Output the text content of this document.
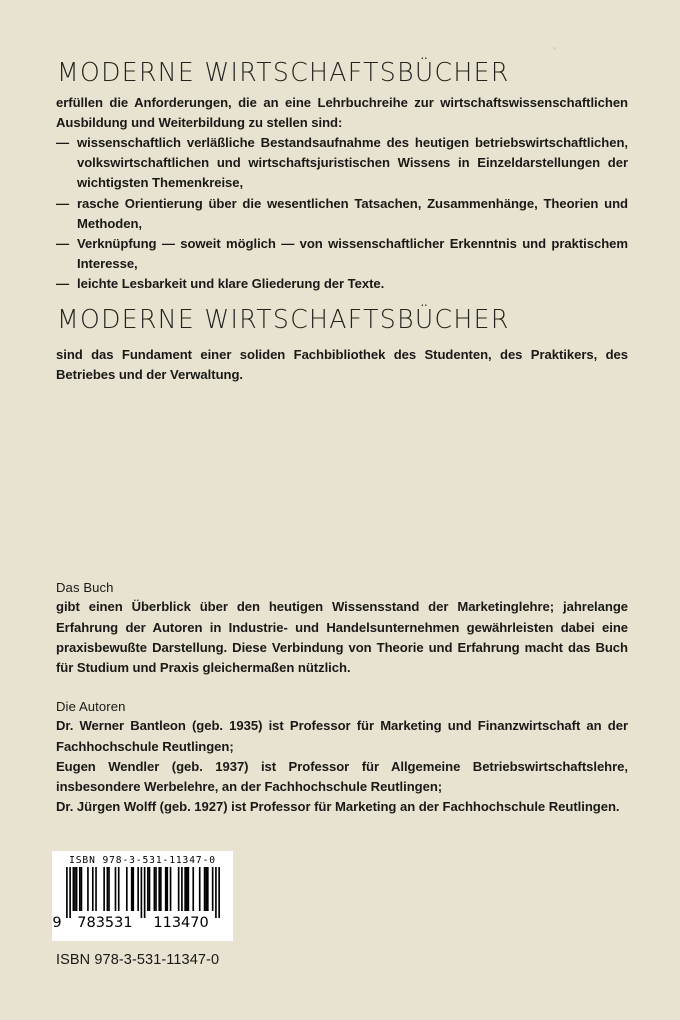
MODERNE WIRTSCHAFTSBÜCHER

erfüllen die Anforderungen, die an eine Lehrbuchreihe zur wirtschaftswissenschaftlichen Ausbildung und Weiterbildung zu stellen sind:

— wissenschaftlich verläßliche Bestandsaufnahme des heutigen betriebswirtschaftlichen, volkswirtschaftlichen und wirtschaftsjuristischen Wissens in Einzeldarstellungen der wichtigsten Themenkreise,
— rasche Orientierung über die wesentlichen Tatsachen, Zusammenhänge, Theorien und Methoden,
— Verknüpfung — soweit möglich — von wissenschaftlicher Erkenntnis und praktischem Interesse,
— leichte Lesbarkeit und klare Gliederung der Texte.
MODERNE WIRTSCHAFTSBÜCHER

sind das Fundament einer soliden Fachbibliothek des Studenten, des Praktikers, des Betriebes und der Verwaltung.

Das Buch

gibt einen Überblick über den heutigen Wissensstand der Marketinglehre; jahrelange Erfahrung der Autoren in Industrie- und Handelsunternehmen gewährleisten dabei eine praxisbewußte Darstellung. Diese Verbindung von Theorie und Erfahrung macht das Buch für Studium und Praxis gleichermaßen nützlich.

Die Autoren

Dr. Werner Bantleon (geb. 1935) ist Professor für Marketing und Finanzwirtschaft an der Fachhochschule Reutlingen;

Eugen Wendler (geb. 1937) ist Professor für Allgemeine Betriebswirtschaftslehre, insbesondere Werbelehre, an der Fachhochschule Reutlingen;

Dr. Jürgen Wolff (geb. 1927) ist Professor für Marketing an der Fachhochschule Reutlingen.

ISBN 978-3-531-11347-0
9 783531 113470
ISBN 978-3-531-11347-0
